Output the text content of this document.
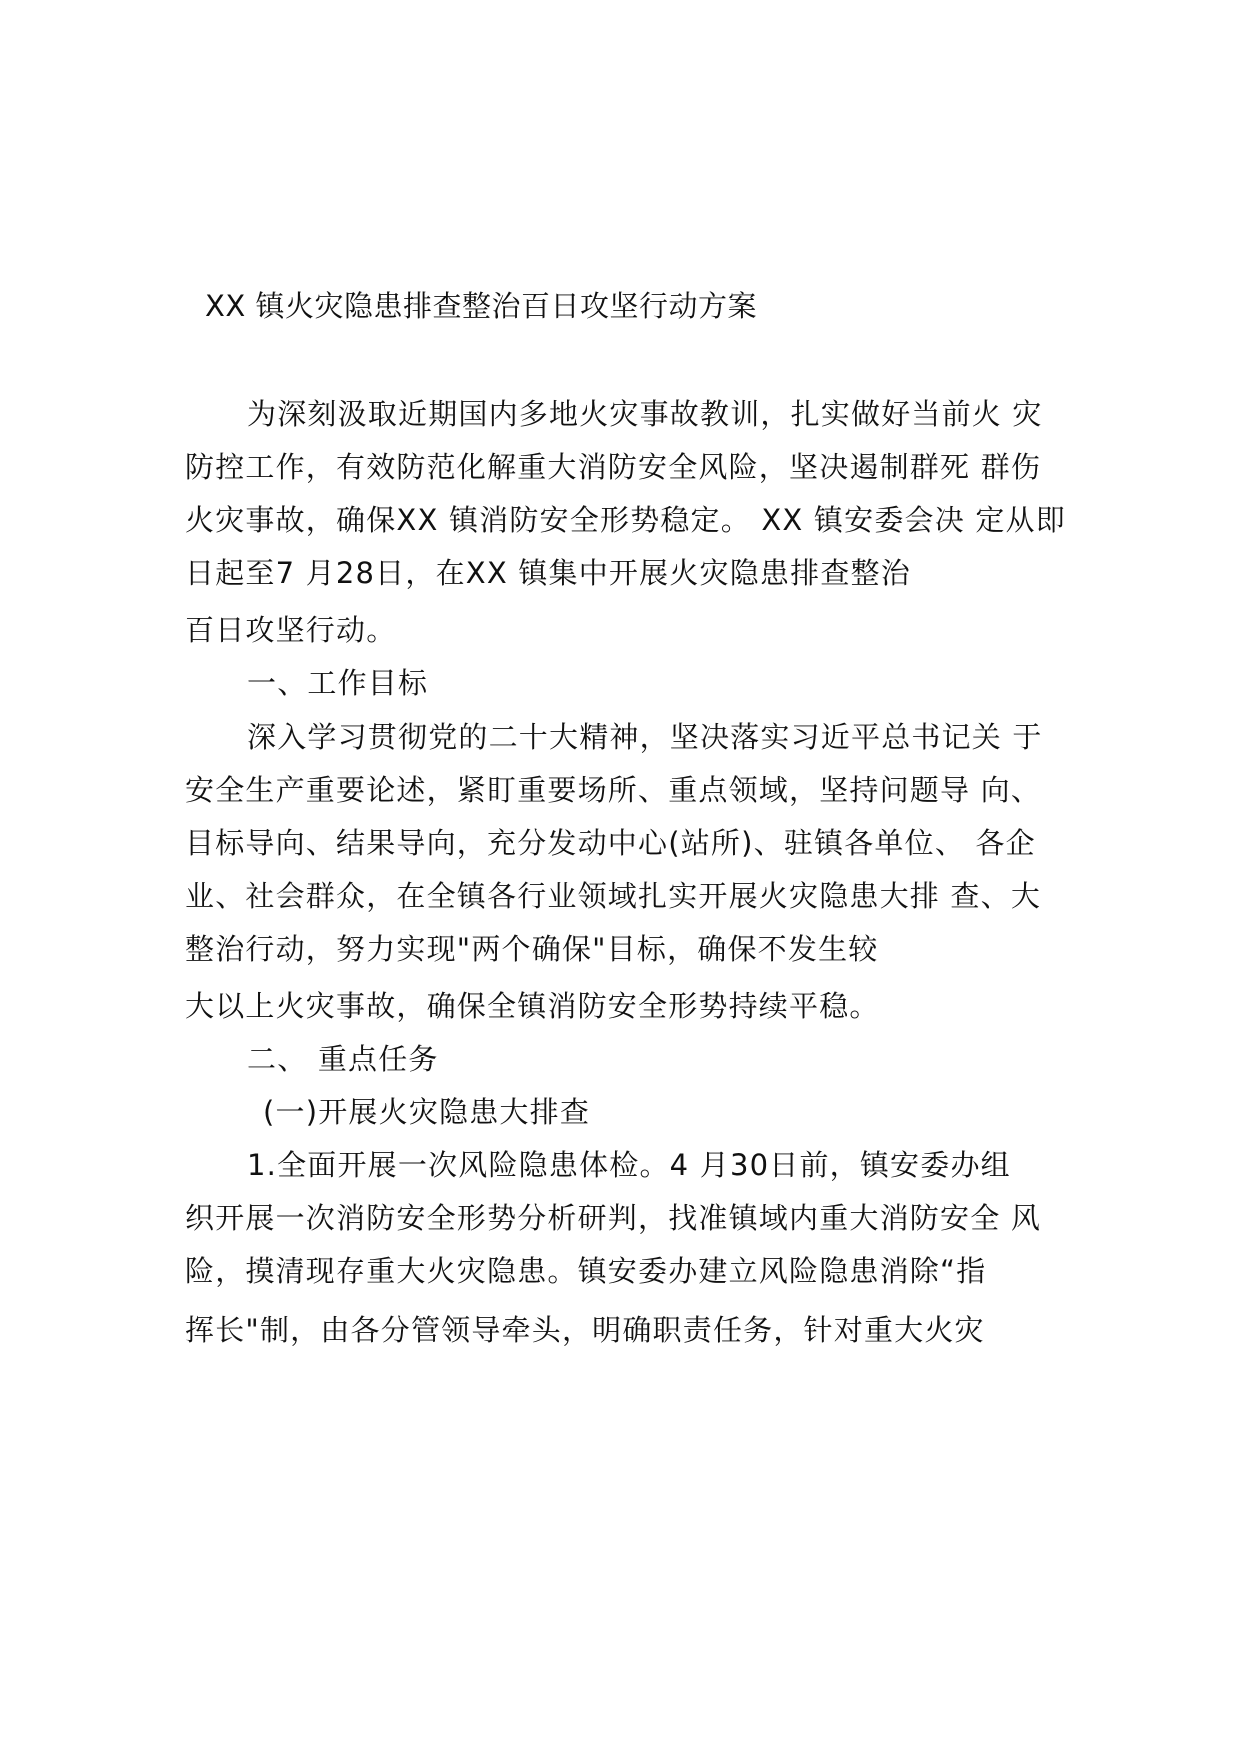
XX 镇火灾隐患排查整治百日攻坚行动方案
为深刻汲取近期国内多地火灾事故教训，扎实做好当前火 灾
防控工作，有效防范化解重大消防安全风险，坚决遏制群死 群伤
火灾事故，确保XX 镇消防安全形势稳定。 XX 镇安委会决 定从即
日起至7 月28日，在XX 镇集中开展火灾隐患排查整治
百日攻坚行动。
一、工作目标
深入学习贯彻党的二十大精神，坚决落实习近平总书记关 于
安全生产重要论述，紧盯重要场所、重点领域，坚持问题导 向、
目标导向、结果导向，充分发动中心(站所)、驻镇各单位、 各企
业、社会群众，在全镇各行业领域扎实开展火灾隐患大排 查、大
整治行动，努力实现"两个确保"目标，确保不发生较
大以上火灾事故，确保全镇消防安全形势持续平稳。
二、 重点任务
(一)开展火灾隐患大排查
1.全面开展一次风险隐患体检。4 月30日前，镇安委办组
织开展一次消防安全形势分析研判，找准镇域内重大消防安全 风
险，摸清现存重大火灾隐患。镇安委办建立风险隐患消除“指
挥长"制，由各分管领导牵头，明确职责任务，针对重大火灾
